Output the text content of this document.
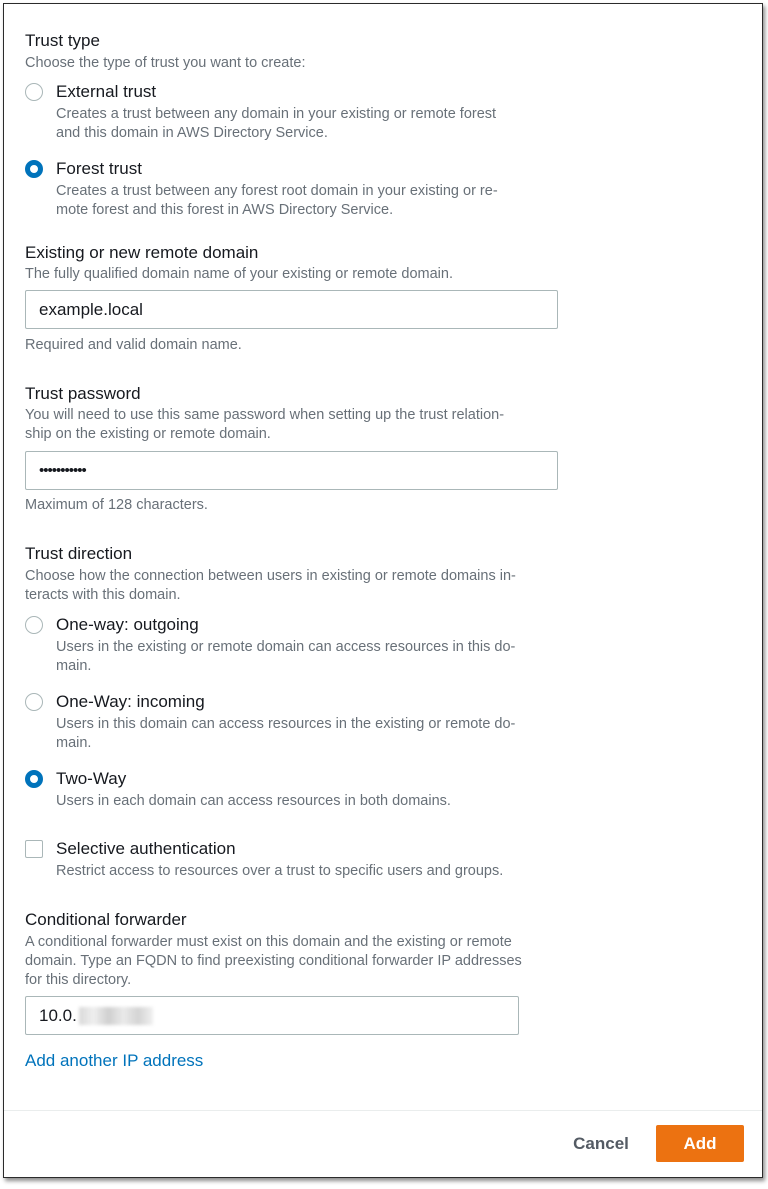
Trust type
Choose the type of trust you want to create:
External trust
Creates a trust between any domain in your existing or remote forest
and this domain in AWS Directory Service.
Forest trust
Creates a trust between any forest root domain in your existing or re-
mote forest and this forest in AWS Directory Service.
Existing or new remote domain
The fully qualified domain name of your existing or remote domain.
example.local
Required and valid domain name.
Trust password
You will need to use this same password when setting up the trust relation-
ship on the existing or remote domain.
•••••••••••
Maximum of 128 characters.
Trust direction
Choose how the connection between users in existing or remote domains in-
teracts with this domain.
One-way: outgoing
Users in the existing or remote domain can access resources in this do-
main.
One-Way: incoming
Users in this domain can access resources in the existing or remote do-
main.
Two-Way
Users in each domain can access resources in both domains.
Selective authentication
Restrict access to resources over a trust to specific users and groups.
Conditional forwarder
A conditional forwarder must exist on this domain and the existing or remote
domain. Type an FQDN to find preexisting conditional forwarder IP addresses
for this directory.
10.0.
Add another IP address
Cancel	Add
